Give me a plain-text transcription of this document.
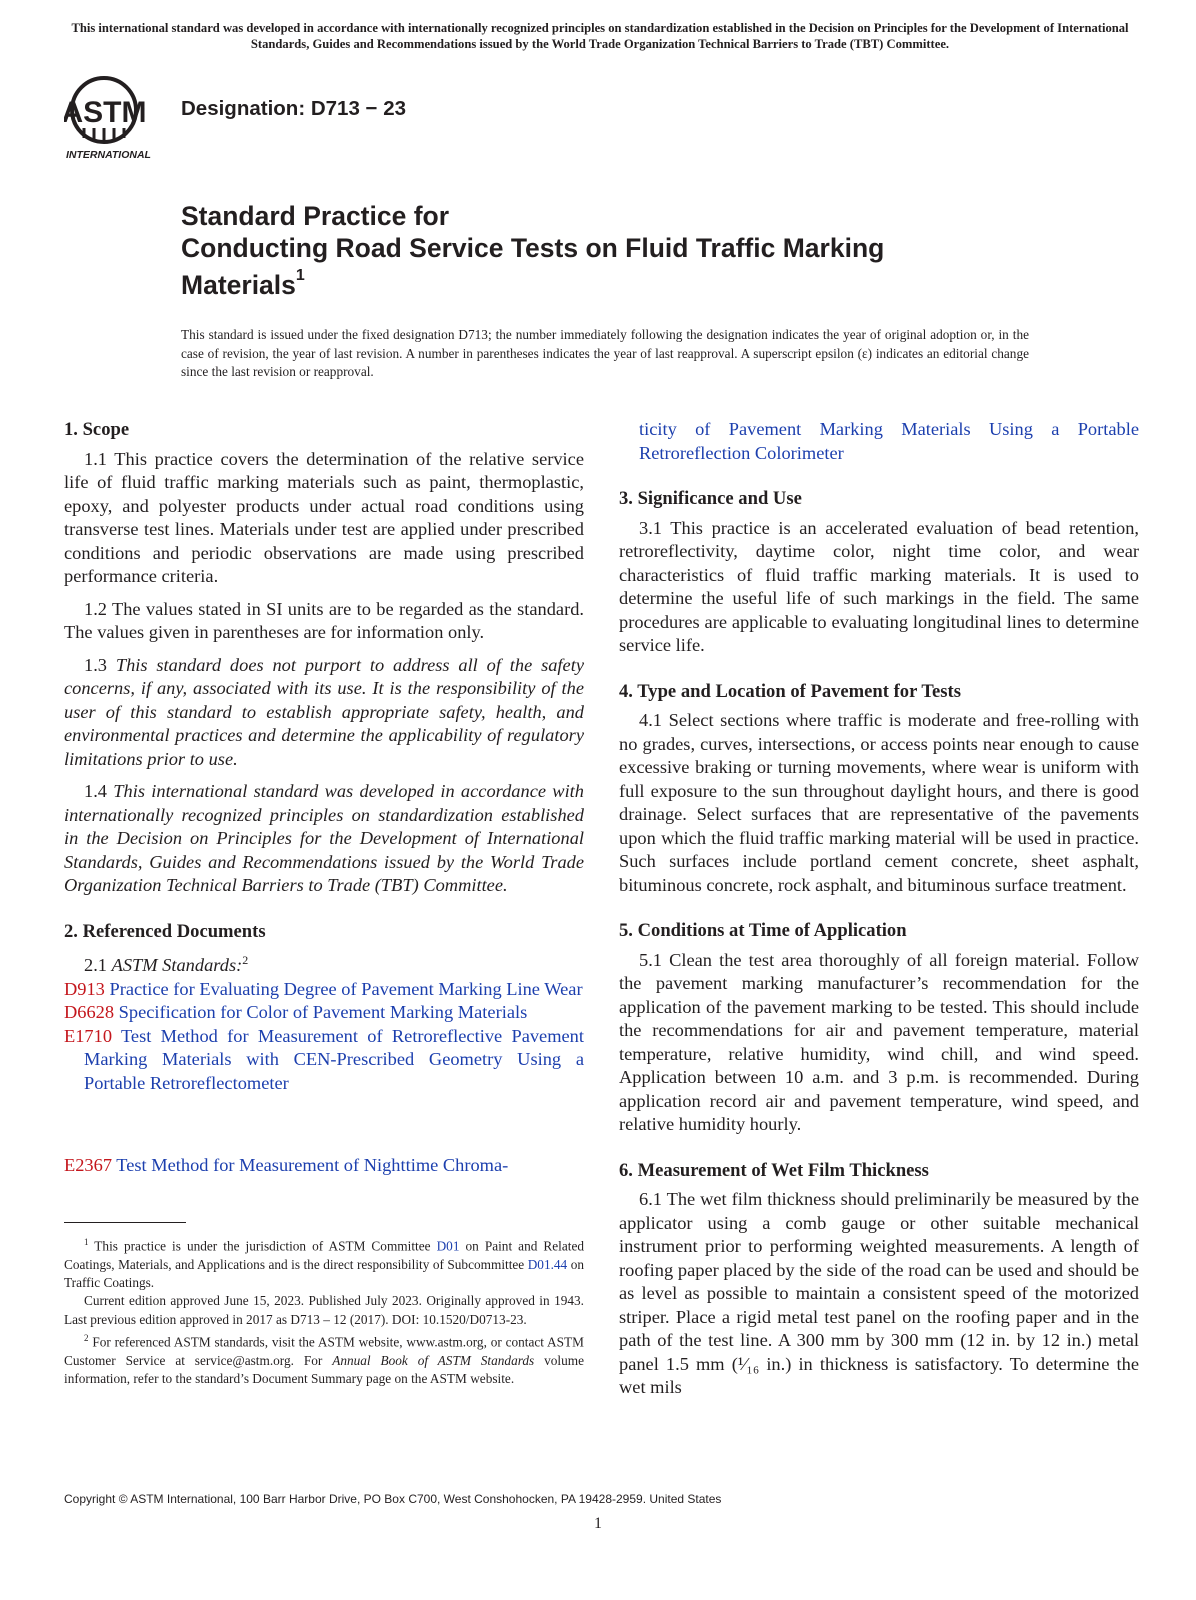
This international standard was developed in accordance with internationally recognized principles on standardization established in the Decision on Principles for the Development of International Standards, Guides and Recommendations issued by the World Trade Organization Technical Barriers to Trade (TBT) Committee.
ASTM
INTERNATIONAL
Designation: D713 − 23
Standard Practice for
Conducting Road Service Tests on Fluid Traffic Marking
Materials$^1$
This standard is issued under the fixed designation D713; the number immediately following the designation indicates the year of original adoption or, in the case of revision, the year of last revision. A number in parentheses indicates the year of last reapproval. A superscript epsilon (ε) indicates an editorial change since the last revision or reapproval.
1. Scope

1.1 This practice covers the determination of the relative service life of fluid traffic marking materials such as paint, thermoplastic, epoxy, and polyester products under actual road conditions using transverse test lines. Materials under test are applied under prescribed conditions and periodic observations are made using prescribed performance criteria.

1.2 The values stated in SI units are to be regarded as the standard. The values given in parentheses are for information only.

1.3 This standard does not purport to address all of the safety concerns, if any, associated with its use. It is the responsibility of the user of this standard to establish appropriate safety, health, and environmental practices and determine the applicability of regulatory limitations prior to use.

1.4 This international standard was developed in accordance with internationally recognized principles on standardization established in the Decision on Principles for the Development of International Standards, Guides and Recommendations issued by the World Trade Organization Technical Barriers to Trade (TBT) Committee.

2. Referenced Documents
2.1 ASTM Standards:$^2$
D913 Practice for Evaluating Degree of Pavement Marking Line Wear
D6628 Specification for Color of Pavement Marking Materials
E1710 Test Method for Measurement of Retroreflective Pavement Marking Materials with CEN-Prescribed Geometry Using a Portable Retroreflectometer
E2367 Test Method for Measurement of Nighttime Chroma-
ticity of Pavement Marking Materials Using a Portable Retroreflection Colorimeter
3. Significance and Use

3.1 This practice is an accelerated evaluation of bead retention, retroreflectivity, daytime color, night time color, and wear characteristics of fluid traffic marking materials. It is used to determine the useful life of such markings in the field. The same procedures are applicable to evaluating longitudinal lines to determine service life.

4. Type and Location of Pavement for Tests

4.1 Select sections where traffic is moderate and free-rolling with no grades, curves, intersections, or access points near enough to cause excessive braking or turning movements, where wear is uniform with full exposure to the sun throughout daylight hours, and there is good drainage. Select surfaces that are representative of the pavements upon which the fluid traffic marking material will be used in practice. Such surfaces include portland cement concrete, sheet asphalt, bituminous concrete, rock asphalt, and bituminous surface treatment.

5. Conditions at Time of Application

5.1 Clean the test area thoroughly of all foreign material. Follow the pavement marking manufacturer’s recommendation for the application of the pavement marking to be tested. This should include the recommendations for air and pavement temperature, material temperature, relative humidity, wind chill, and wind speed. Application between 10 a.m. and 3 p.m. is recommended. During application record air and pavement temperature, wind speed, and relative humidity hourly.

6. Measurement of Wet Film Thickness

6.1 The wet film thickness should preliminarily be measured by the applicator using a comb gauge or other suitable mechanical instrument prior to performing weighted measurements. A length of roofing paper placed by the side of the road can be used and should be as level as possible to maintain a consistent speed of the motorized striper. Place a rigid metal test panel on the roofing paper and in the path of the test line. A 300 mm by 300 mm (12 in. by 12 in.) metal panel 1.5 mm (¹⁄₁₆ in.) in thickness is satisfactory. To determine the wet mils

$^1$ This practice is under the jurisdiction of ASTM Committee D01 on Paint and Related Coatings, Materials, and Applications and is the direct responsibility of Subcommittee D01.44 on Traffic Coatings.

Current edition approved June 15, 2023. Published July 2023. Originally approved in 1943. Last previous edition approved in 2017 as D713 – 12 (2017). DOI: 10.1520/D0713-23.

$^2$ For referenced ASTM standards, visit the ASTM website, www.astm.org, or contact ASTM Customer Service at service@astm.org. For Annual Book of ASTM Standards volume information, refer to the standard’s Document Summary page on the ASTM website.

Copyright © ASTM International, 100 Barr Harbor Drive, PO Box C700, West Conshohocken, PA 19428-2959. United States
1
